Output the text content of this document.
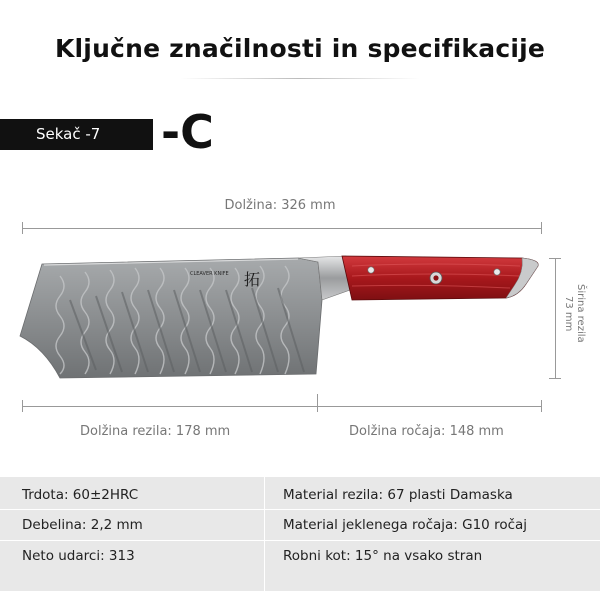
Ključne značilnosti in specifikacije
Sekač -7	-C
Dolžina: 326 mm
Širina rezila
73 mm
CLEAVER KNIFE 拓
Dolžina rezila: 178 mm	Dolžina ročaja: 148 mm
Trdota: 60±2HRC	Material rezila: 67 plasti Damaska
Debelina: 2,2 mm	Material jeklenega ročaja: G10 ročaj
Neto udarci: 313	Robni kot: 15° na vsako stran
